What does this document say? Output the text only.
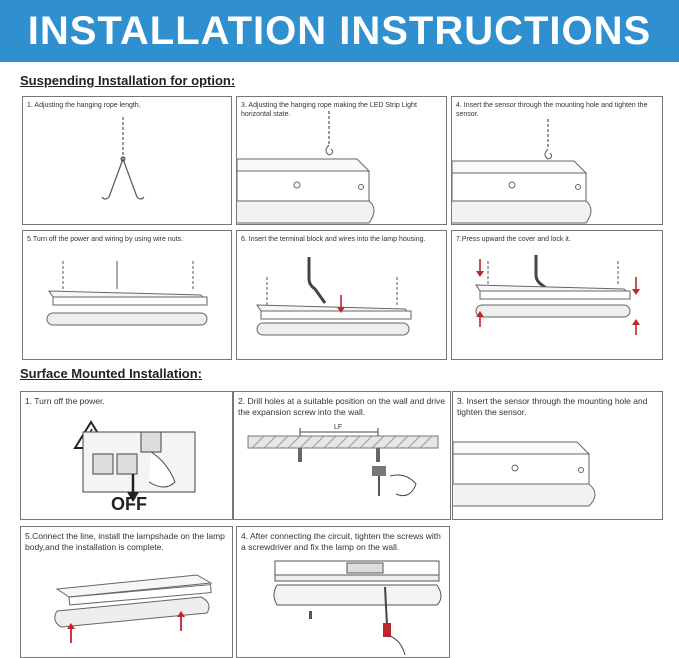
INSTALLATION INSTRUCTIONS
Suspending Installation for option:
1. Adjusting the hanging rope length.	3. Adjusting the hanging rope making the LED Strip Light horizontal state.
4. Insert the sensor through the mounting hole and tighten the sensor.
5.Turn off the power and wiring by using wire nuts.	6. Insert the terminal block and wires into the lamp housing.	7.Press upward the cover and lock it.
Surface Mounted Installation:
1. Turn off the power.
OFF
2. Drill holes at a suitable position on the wall and drive the expansion screw into the wall.
LF
3. Insert the sensor through the mounting hole and tighten the sensor.
5.Connect the line, install the lampshade on the lamp body,and the installation is complete.
4. After connecting the circuit, tighten the screws with a screwdriver and fix the lamp on the wall.
